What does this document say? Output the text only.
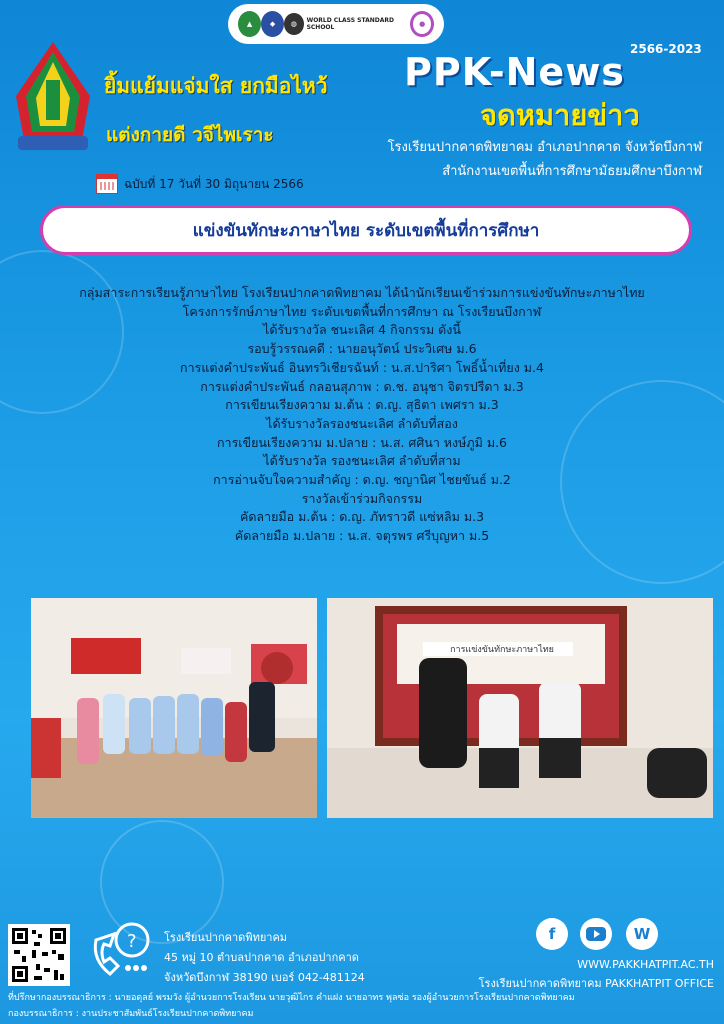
▲	◆	◍	WORLD CLASS STANDARD SCHOOL	●
ยิ้มแย้มแจ่มใส ยกมือไหว้
แต่งกายดี วจีไพเราะ
2566-2023
PPK-News
จดหมายข่าว
โรงเรียนปากคาดพิทยาคม อำเภอปากคาด จังหวัดบึงกาฬ
สำนักงานเขตพื้นที่การศึกษามัธยมศึกษาบึงกาฬ
ฉบับที่ 17 วันที่ 30 มิถุนายน 2566
แข่งขันทักษะภาษาไทย ระดับเขตพื้นที่การศึกษา
กลุ่มสาระการเรียนรู้ภาษาไทย โรงเรียนปากคาดพิทยาคม ได้นำนักเรียนเข้าร่วมการแข่งขันทักษะภาษาไทย
โครงการรักษ์ภาษาไทย ระดับเขตพื้นที่การศึกษา ณ โรงเรียนบึงกาฬ
ได้รับรางวัล ชนะเลิศ 4 กิจกรรม ดังนี้
รอบรู้วรรณคดี : นายอนุวัตน์ ประวิเศษ ม.6
การแต่งคำประพันธ์ อินทรวิเชียรฉันท์ : น.ส.ปาริศา โพธิ์น้ำเที่ยง ม.4
การแต่งคำประพันธ์ กลอนสุภาพ : ด.ช. อนุชา จิตรปรีดา ม.3
การเขียนเรียงความ ม.ต้น : ด.ญ. สุธิตา เพศรา ม.3
ได้รับรางวัลรองชนะเลิศ ลำดับที่สอง
การเขียนเรียงความ ม.ปลาย : น.ส. ศศินา หงษ์ภูมิ ม.6
ได้รับรางวัล รองชนะเลิศ ลำดับที่สาม
การอ่านจับใจความสำคัญ : ด.ญ. ชญานิศ ไชยขันธ์ ม.2
รางวัลเข้าร่วมกิจกรรม
คัดลายมือ ม.ต้น : ด.ญ. ภัทราวดี แซ่หลิม ม.3
คัดลายมือ ม.ปลาย : น.ส. จตุรพร ศรีบุญหา ม.5
การแข่งขันทักษะภาษาไทย
? โรงเรียนปากคาดพิทยาคม
45 หมู่ 10 ตำบลปากคาด อำเภอปากคาด
จังหวัดบึงกาฬ 38190 เบอร์ 042-481124
f	W
WWW.PAKKHATPIT.AC.TH
โรงเรียนปากคาดพิทยาคม PAKKHATPIT OFFICE
ที่ปรึกษากองบรรณาธิการ : นายอดุลย์ พรมวัง ผู้อำนวยการโรงเรียน นายวุฒิไกร คำแฝง นายอาทร พุลซ่อ รองผู้อำนวยการโรงเรียนปากคาดพิทยาคม
กองบรรณาธิการ : งานประชาสัมพันธ์โรงเรียนปากคาดพิทยาคม
